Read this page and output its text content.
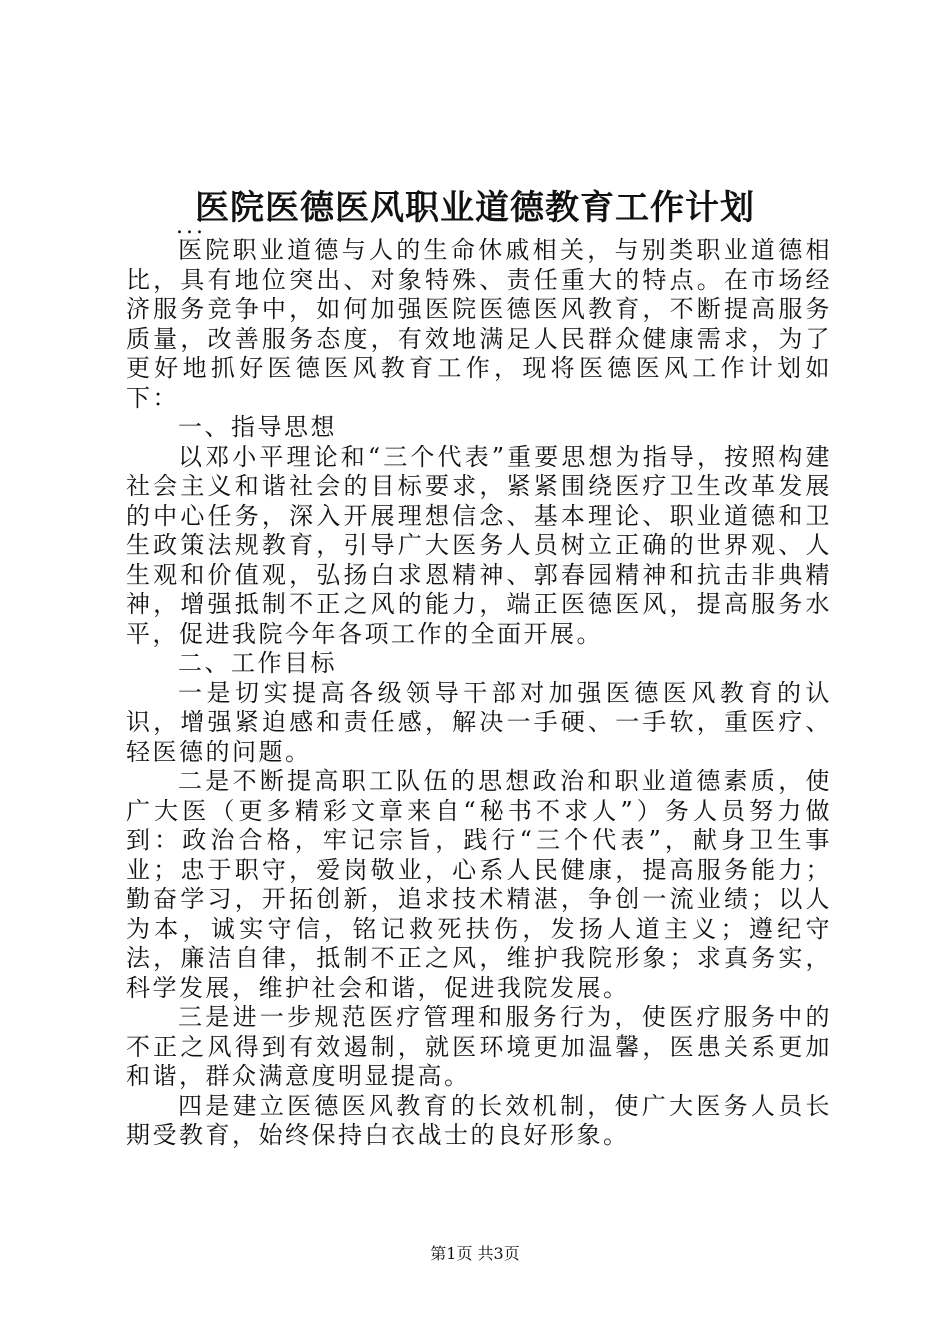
医院医德医风职业道德教育工作计划
...

医院职业道德与人的生命休戚相关，与别类职业道德相比，具有地位突出、对象特殊、责任重大的特点。在市场经济服务竞争中，如何加强医院医德医风教育，不断提高服务质量，改善服务态度，有效地满足人民群众健康需求，为了更好地抓好医德医风教育工作，现将医德医风工作计划如下：

一、指导思想

以邓小平理论和“三个代表”重要思想为指导，按照构建社会主义和谐社会的目标要求，紧紧围绕医疗卫生改革发展的中心任务，深入开展理想信念、基本理论、职业道德和卫生政策法规教育，引导广大医务人员树立正确的世界观、人生观和价值观，弘扬白求恩精神、郭春园精神和抗击非典精神，增强抵制不正之风的能力，端正医德医风，提高服务水平，促进我院今年各项工作的全面开展。

二、工作目标

一是切实提高各级领导干部对加强医德医风教育的认识，增强紧迫感和责任感，解决一手硬、一手软，重医疗、轻医德的问题。

二是不断提高职工队伍的思想政治和职业道德素质，使广大医（更多精彩文章来自“秘书不求人”）务人员努力做到：政治合格，牢记宗旨，践行“三个代表”，献身卫生事业；忠于职守，爱岗敬业，心系人民健康，提高服务能力；勤奋学习，开拓创新，追求技术精湛，争创一流业绩；以人为本，诚实守信，铭记救死扶伤，发扬人道主义；遵纪守法，廉洁自律，抵制不正之风，维护我院形象；求真务实，科学发展，维护社会和谐，促进我院发展。

三是进一步规范医疗管理和服务行为，使医疗服务中的不正之风得到有效遏制，就医环境更加温馨，医患关系更加和谐，群众满意度明显提高。

四是建立医德医风教育的长效机制，使广大医务人员长期受教育，始终保持白衣战士的良好形象。

第1页 共3页
